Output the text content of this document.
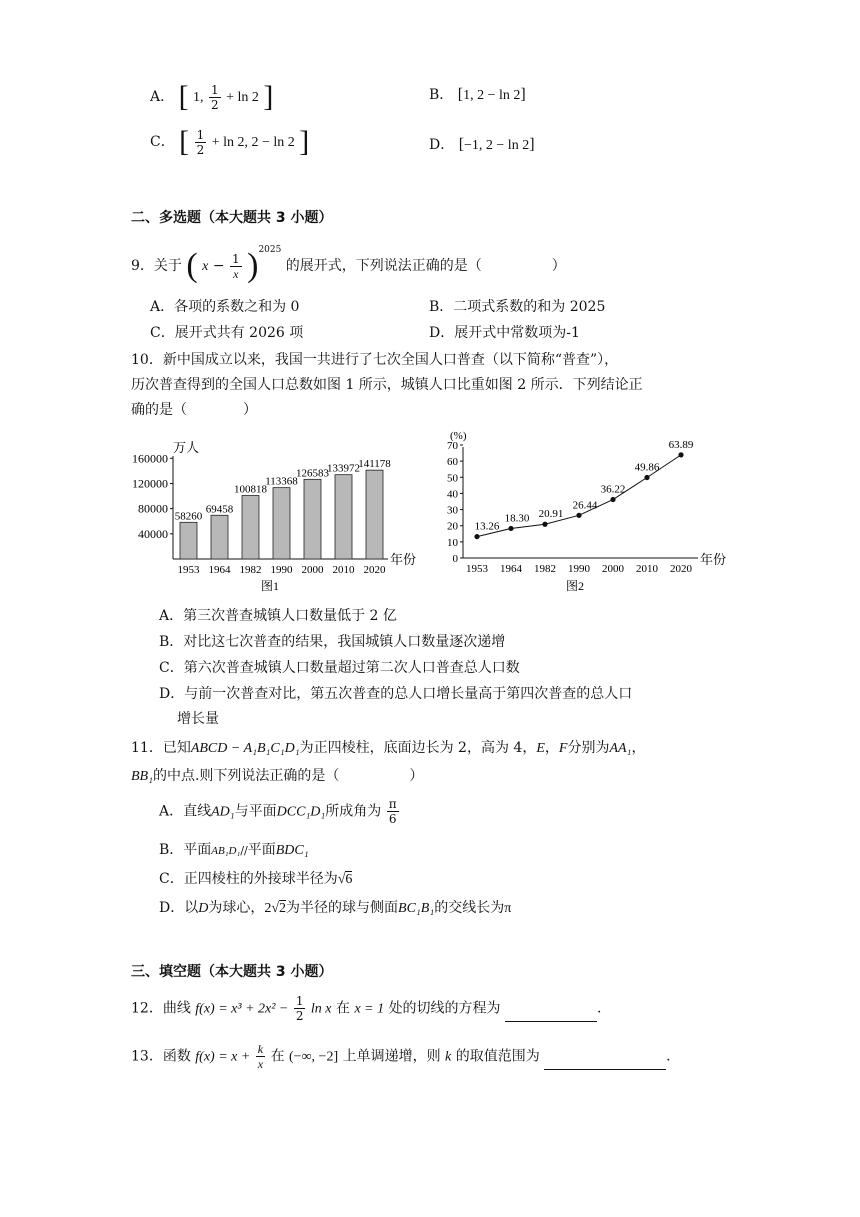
A． [ 1, $\frac{1}{2} + \ln 2$ ]	B． [1, 2 − ln 2]
C． [ $\frac{1}{2} + \ln 2$, 2 − ln 2 ]	D． [−1, 2 − ln 2]
二、多选题（本大题共 3 小题）
9．关于 ( $x - \frac{1}{x} )^{2025}$ 的展开式，下列说法正确的是（　　　　　）
A．各项的系数之和为 0	B．二项式系数的和为 2025
C．展开式共有 2026 项	D．展开式中常数项为-1
10．新中国成立以来，我国一共进行了七次全国人口普查（以下简称“普查”），
历次普查得到的全国人口总数如图 1 所示，城镇人口比重如图 2 所示．下列结论正
确的是（　　　　）
万人
40000
80000
120000
160000
58260
1953
69458
1964
100818
1982
113368
1990
126583
2000
133972
2010
141178
2020
年份
图1
(%)
0
10
20
30
40
50
60
70
13.26
1953
18.30
1964
20.91
1982
26.44
1990
36.22
2000
49.86
2010
63.89
2020
年份
图2
A．第三次普查城镇人口数量低于 2 亿
B．对比这七次普查的结果，我国城镇人口数量逐次递增
C．第六次普查城镇人口数量超过第二次人口普查总人口数
D．与前一次普查对比，第五次普查的总人口增长量高于第四次普查的总人口
增长量
11．已知ABCD − A₁B₁C₁D₁为正四棱柱，底面边长为 2，高为 4，E，F分别为AA₁，
BB₁的中点.则下列说法正确的是（　　　　　）
A．直线AD₁与平面DCC₁D₁所成角为 $\frac{\pi}{6}$
B．平面AB₁D₁//平面BDC₁
C．正四棱柱的外接球半径为√6
D．以D为球心，2√2为半径的球与侧面BC₁B₁的交线长为π
三、填空题（本大题共 3 小题）
12．曲线 $f(x) = x^3 + 2x^2 - \frac{1}{2}$ ln x 在 x = 1 处的切线的方程为	.
13．函数 $f(x) = x + \frac{k}{x}$ 在 (−∞, −2] 上单调递增，则 k 的取值范围为	.
